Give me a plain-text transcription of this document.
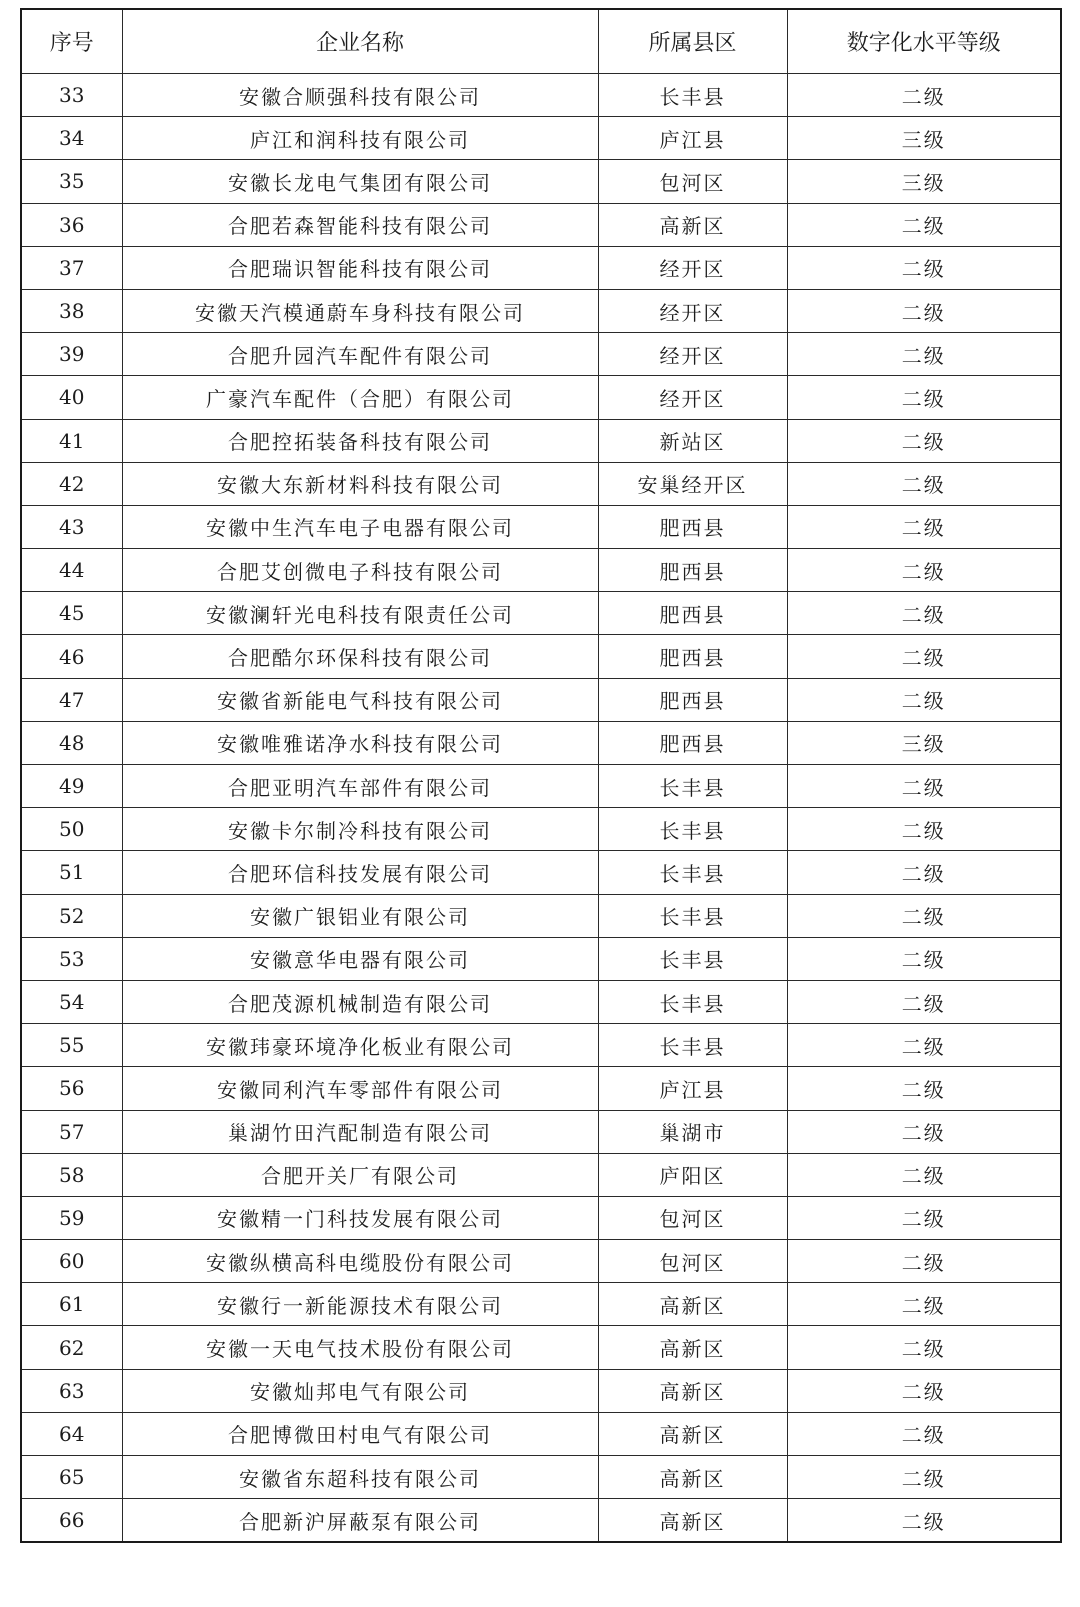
序号	企业名称	所属县区	数字化水平等级
33	安徽合顺强科技有限公司	长丰县	二级
34	庐江和润科技有限公司	庐江县	三级
35	安徽长龙电气集团有限公司	包河区	三级
36	合肥若森智能科技有限公司	高新区	二级
37	合肥瑞识智能科技有限公司	经开区	二级
38	安徽天汽模通蔚车身科技有限公司	经开区	二级
39	合肥升园汽车配件有限公司	经开区	二级
40	广豪汽车配件（合肥）有限公司	经开区	二级
41	合肥控拓装备科技有限公司	新站区	二级
42	安徽大东新材料科技有限公司	安巢经开区	二级
43	安徽中生汽车电子电器有限公司	肥西县	二级
44	合肥艾创微电子科技有限公司	肥西县	二级
45	安徽澜轩光电科技有限责任公司	肥西县	二级
46	合肥酷尔环保科技有限公司	肥西县	二级
47	安徽省新能电气科技有限公司	肥西县	二级
48	安徽唯雅诺净水科技有限公司	肥西县	三级
49	合肥亚明汽车部件有限公司	长丰县	二级
50	安徽卡尔制冷科技有限公司	长丰县	二级
51	合肥环信科技发展有限公司	长丰县	二级
52	安徽广银铝业有限公司	长丰县	二级
53	安徽意华电器有限公司	长丰县	二级
54	合肥茂源机械制造有限公司	长丰县	二级
55	安徽玮豪环境净化板业有限公司	长丰县	二级
56	安徽同利汽车零部件有限公司	庐江县	二级
57	巢湖竹田汽配制造有限公司	巢湖市	二级
58	合肥开关厂有限公司	庐阳区	二级
59	安徽精一门科技发展有限公司	包河区	二级
60	安徽纵横高科电缆股份有限公司	包河区	二级
61	安徽行一新能源技术有限公司	高新区	二级
62	安徽一天电气技术股份有限公司	高新区	二级
63	安徽灿邦电气有限公司	高新区	二级
64	合肥博微田村电气有限公司	高新区	二级
65	安徽省东超科技有限公司	高新区	二级
66	合肥新沪屏蔽泵有限公司	高新区	二级
